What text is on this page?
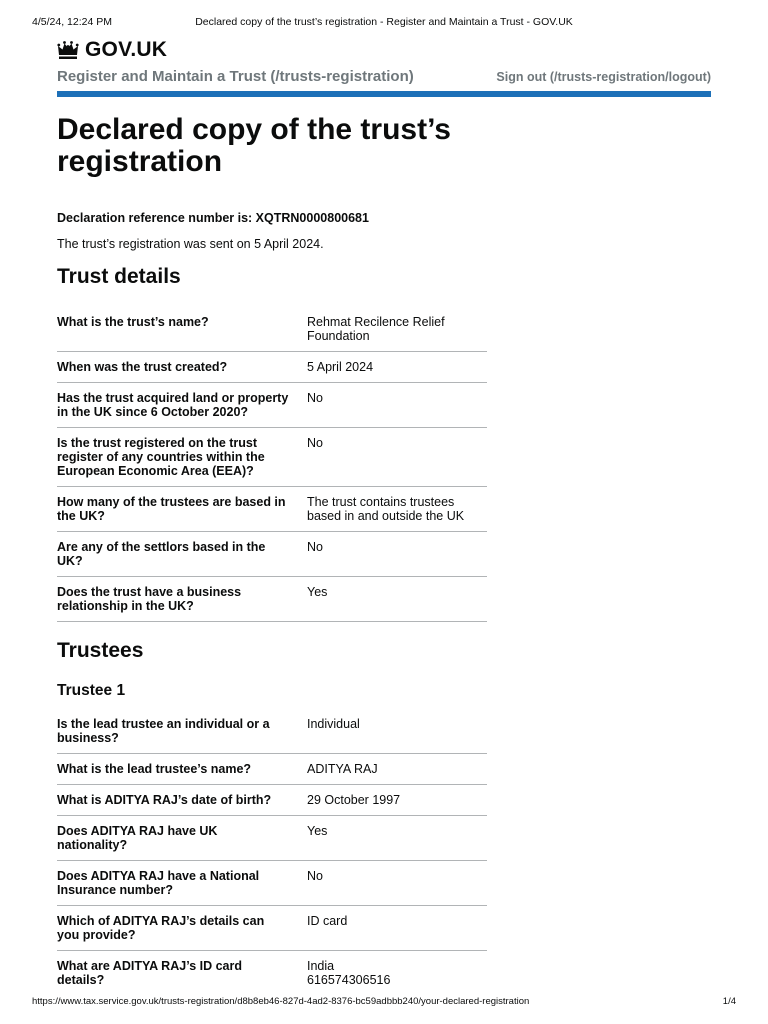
4/5/24, 12:24 PM	Declared copy of the trust’s registration - Register and Maintain a Trust - GOV.UK
GOV.UK
Register and Maintain a Trust (/trusts-registration)	Sign out (/trusts-registration/logout)
Declared copy of the trust’s registration
Declaration reference number is: XQTRN0000800681
The trust’s registration was sent on 5 April 2024.
Trust details
What is the trust’s name?	Rehmat Recilence Relief Foundation
When was the trust created?	5 April 2024
Has the trust acquired land or property in the UK since 6 October 2020?
No
Is the trust registered on the trust register of any countries within the European Economic Area (EEA)?
No
How many of the trustees are based in the UK?
The trust contains trustees based in and outside the UK
Are any of the settlors based in the UK?
No
Does the trust have a business relationship in the UK?
Yes
Trustees
Trustee 1
Is the lead trustee an individual or a business?
Individual
What is the lead trustee’s name?	ADITYA RAJ
What is ADITYA RAJ’s date of birth?	29 October 1997
Does ADITYA RAJ have UK nationality?
Yes
Does ADITYA RAJ have a National Insurance number?
No
Which of ADITYA RAJ’s details can you provide?
ID card
What are ADITYA RAJ’s ID card details?
India
616574306516
https://www.tax.service.gov.uk/trusts-registration/d8b8eb46-827d-4ad2-8376-bc59adbbb240/your-declared-registration	1/4
